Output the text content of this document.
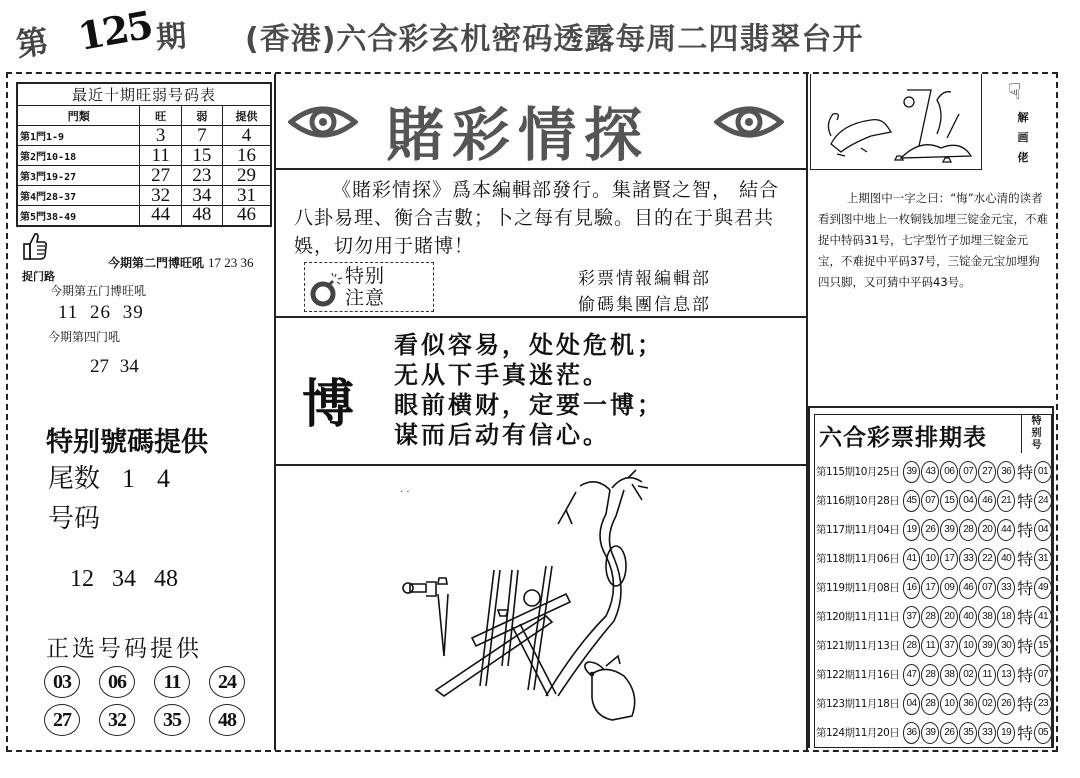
第 125 期 (香港)六合彩玄机密码透露每周二四翡翠台开
最近十期旺弱号码表			
門類	旺	弱	提供
第1門1-9	3	7	4
第2門10-18	11	15	16
第3門19-27	27	23	29
第4門28-37	32	34	31
第5門38-49	44	48	46
捉门路
今期第二門博旺吼 17 23 36
今期第五门博旺吼
11 26 39
今期第四门吼
27 34
特别號碼提供
尾数 1 4
号码
12 34 48
正选号码提供
03	06	11	24
27	32	35	48
賭彩情探
《賭彩情探》爲本編輯部發行。集諸賢之智， 結合八卦易理、衡合吉數；卜之每有見驗。目的在于與君共娛，切勿用于賭博！
特别
注意
彩票情報編輯部
偷碼集團信息部
博
看似容易，处处危机；
无从下手真迷茫。
眼前横财，定要一博；
谋而后动有信心。
. .
☟
解
画
佬
上期图中一字之曰：“悔”水心清的读者看到图中地上一枚铜钱加埋三锭金元宝，不难捉中特码31号，七字型竹子加埋三锭金元宝，不难捉中平码37号，三锭金元宝加埋狗四只脚，又可猜中平码43号。
六合彩票排期表
特
别
号
第115期10月25日 39 43 06 07 27 36 特 01
第116期10月28日 45 07 15 04 46 21 特 24
第117期11月04日 19 26 39 28 20 44 特 04
第118期11月06日 41 10 17 33 22 40 特 31
第119期11月08日 16 17 09 46 07 33 特 49
第120期11月11日 37 28 20 40 38 18 特 41
第121期11月13日 28 11 37 10 39 30 特 15
第122期11月16日 47 28 38 02 11 13 特 07
第123期11月18日 04 28 10 36 02 26 特 23
第124期11月20日 36 39 26 35 33 19 特 05
